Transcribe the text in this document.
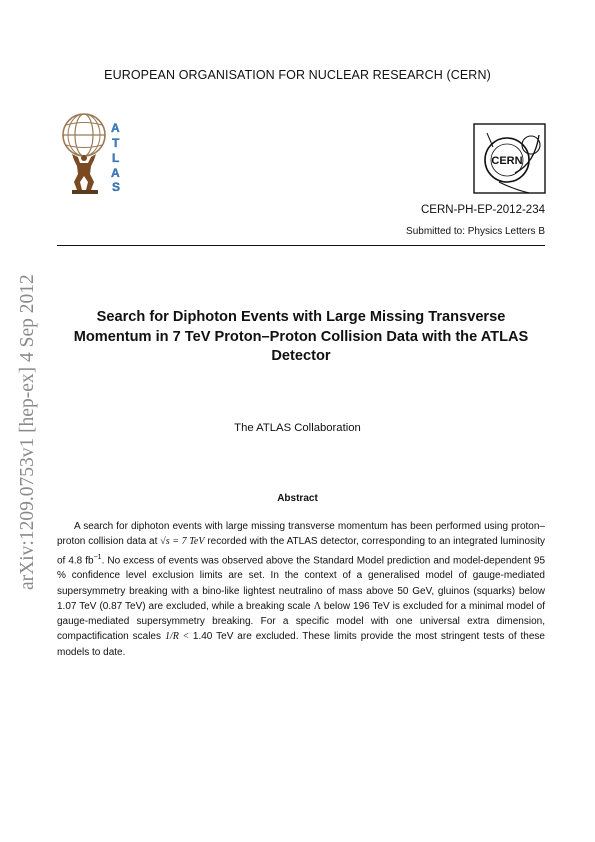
arXiv:1209.0753v1 [hep-ex] 4 Sep 2012
EUROPEAN ORGANISATION FOR NUCLEAR RESEARCH (CERN)
A
T
L
A
S
CERN
CERN-PH-EP-2012-234
Submitted to: Physics Letters B
Search for Diphoton Events with Large Missing Transverse Momentum in 7 TeV Proton–Proton Collision Data with the ATLAS Detector
The ATLAS Collaboration
Abstract
A search for diphoton events with large missing transverse momentum has been performed using proton–proton collision data at √s = 7 TeV recorded with the ATLAS detector, corresponding to an integrated luminosity of 4.8 $fb^{-1}$. No excess of events was observed above the Standard Model prediction and model-dependent 95 % confidence level exclusion limits are set. In the context of a generalised model of gauge-mediated supersymmetry breaking with a bino-like lightest neutralino of mass above 50 GeV, gluinos (squarks) below 1.07 TeV (0.87 TeV) are excluded, while a breaking scale Λ below 196 TeV is excluded for a minimal model of gauge-mediated supersymmetry breaking. For a specific model with one universal extra dimension, compactification scales 1/R < 1.40 TeV are excluded. These limits provide the most stringent tests of these models to date.
